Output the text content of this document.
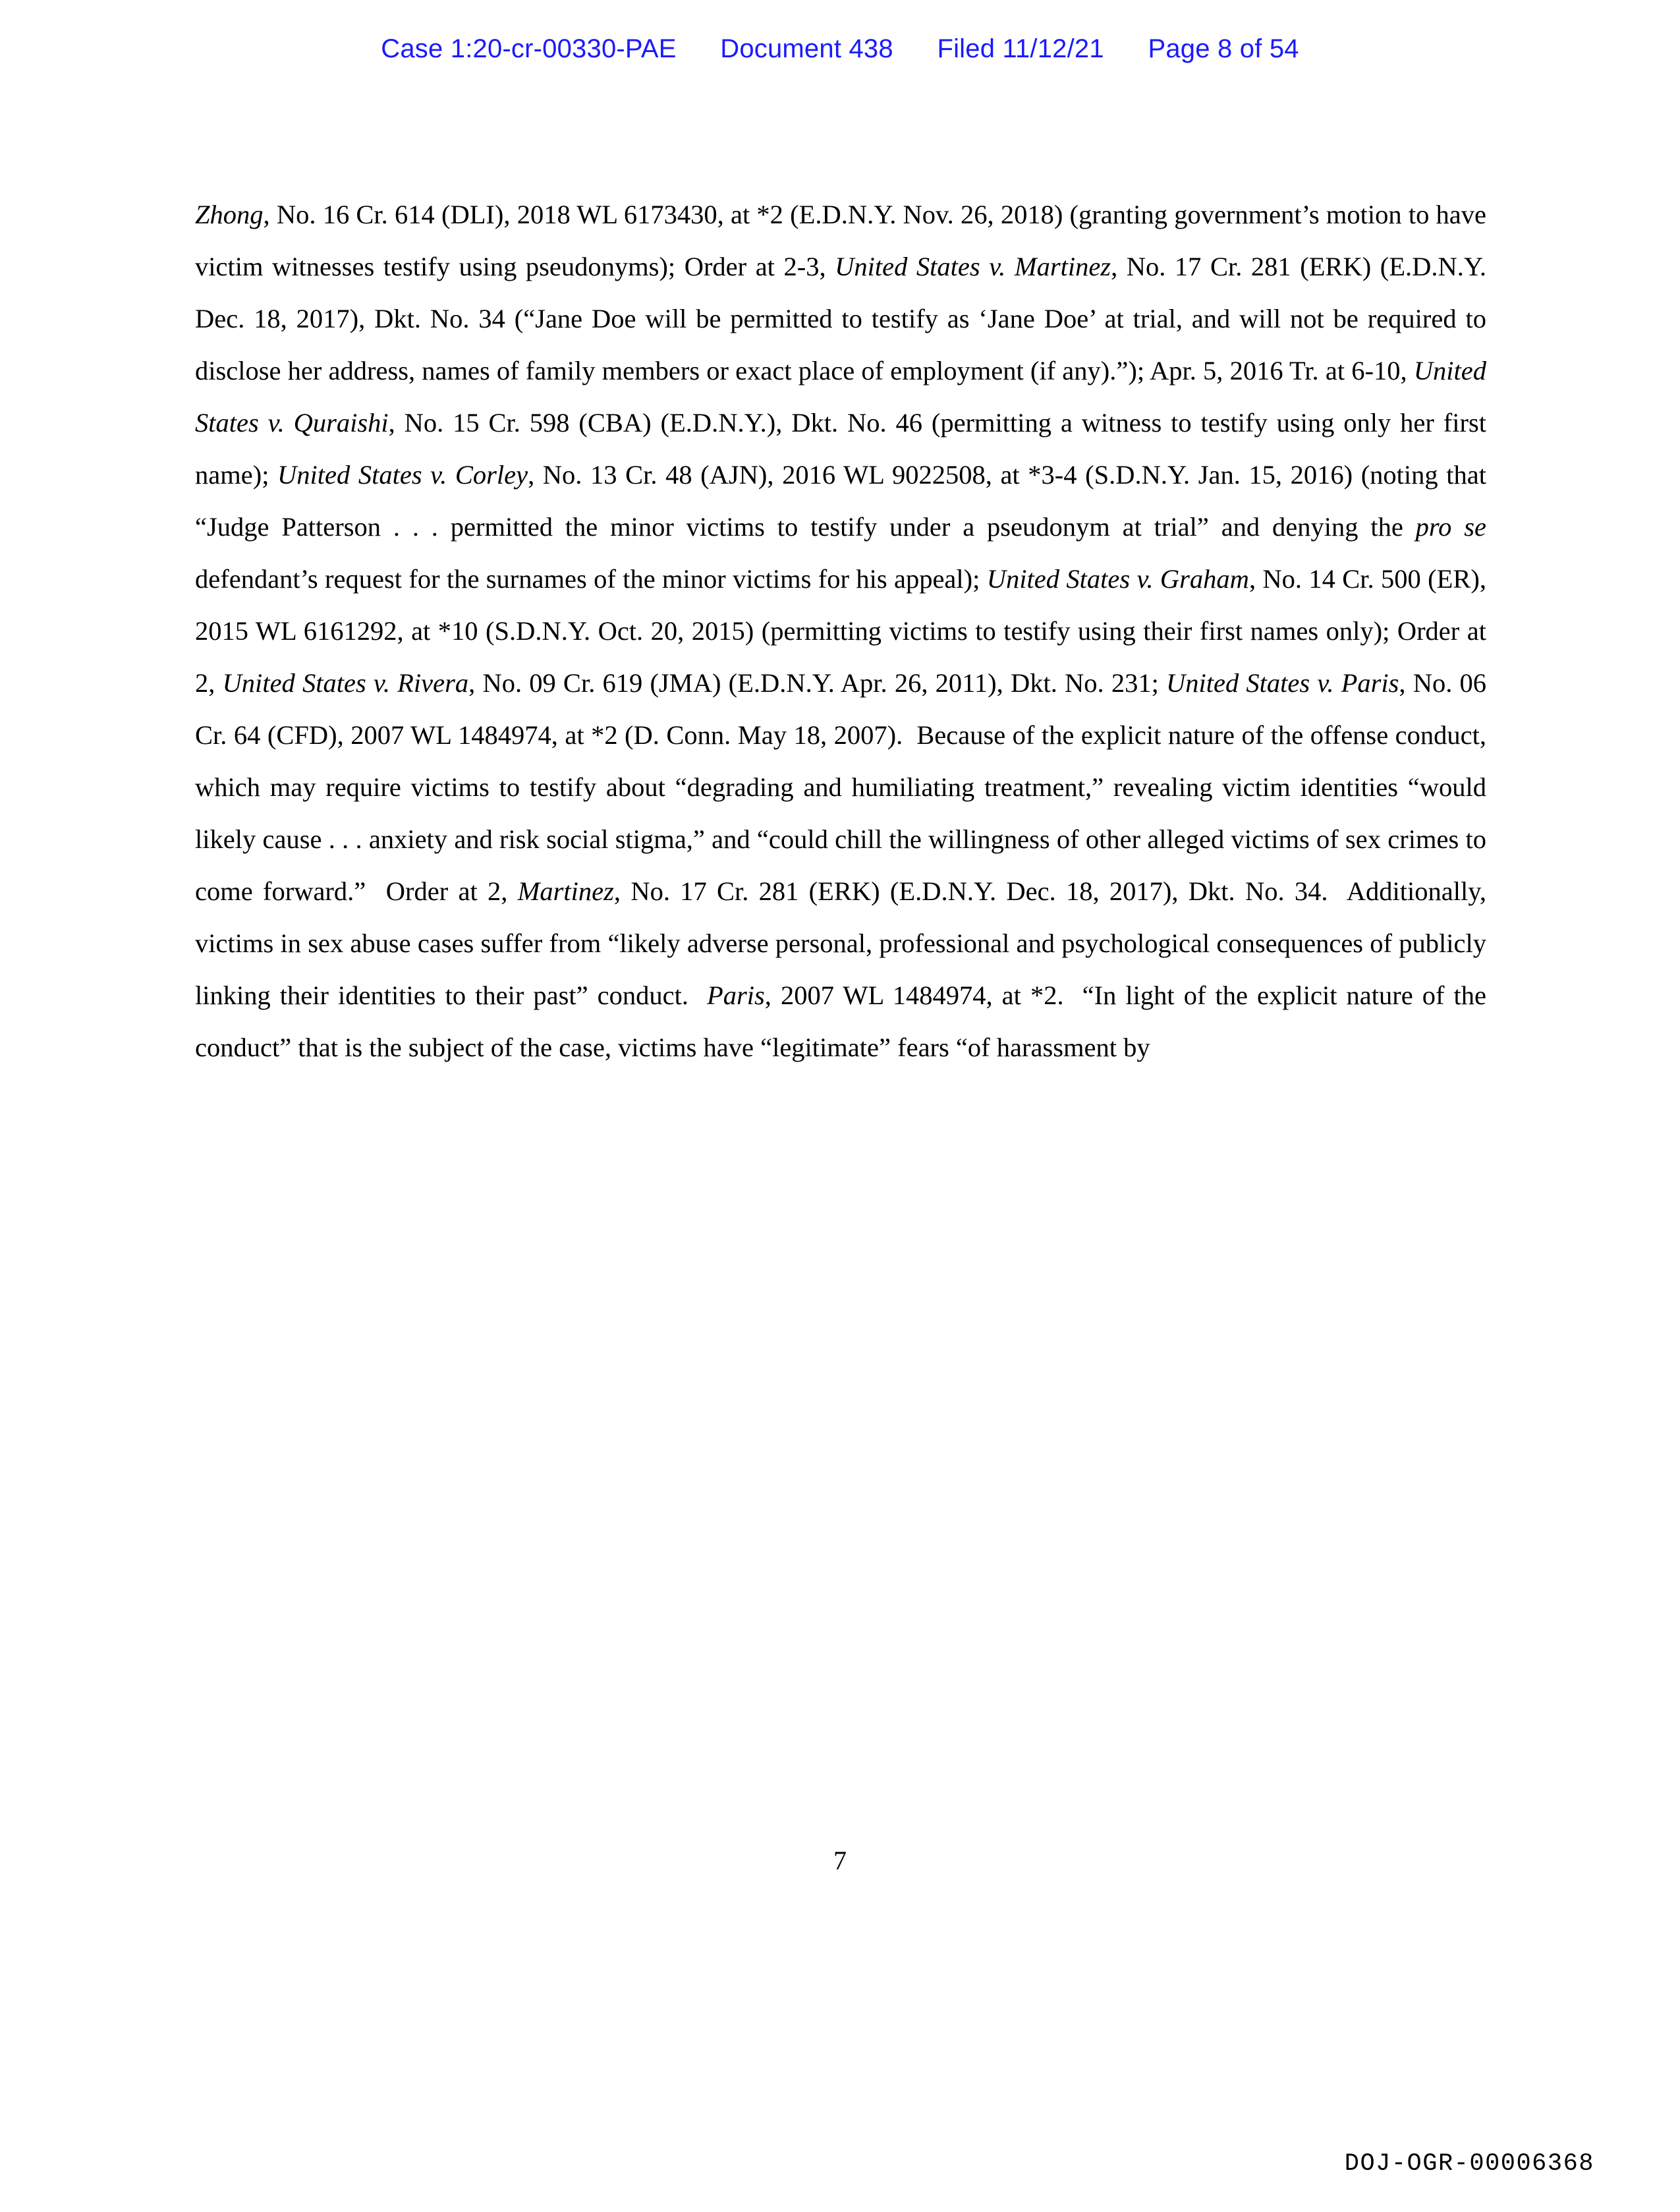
Case 1:20-cr-00330-PAE Document 438 Filed 11/12/21 Page 8 of 54

Zhong, No. 16 Cr. 614 (DLI), 2018 WL 6173430, at *2 (E.D.N.Y. Nov. 26, 2018) (granting government’s motion to have victim witnesses testify using pseudonyms); Order at 2-3, United States v. Martinez, No. 17 Cr. 281 (ERK) (E.D.N.Y. Dec. 18, 2017), Dkt. No. 34 (“Jane Doe will be permitted to testify as ‘Jane Doe’ at trial, and will not be required to disclose her address, names of family members or exact place of employment (if any).”); Apr. 5, 2016 Tr. at 6-10, United States v. Quraishi, No. 15 Cr. 598 (CBA) (E.D.N.Y.), Dkt. No. 46 (permitting a witness to testify using only her first name); United States v. Corley, No. 13 Cr. 48 (AJN), 2016 WL 9022508, at *3-4 (S.D.N.Y. Jan. 15, 2016) (noting that “Judge Patterson . . . permitted the minor victims to testify under a pseudonym at trial” and denying the pro se defendant’s request for the surnames of the minor victims for his appeal); United States v. Graham, No. 14 Cr. 500 (ER), 2015 WL 6161292, at *10 (S.D.N.Y. Oct. 20, 2015) (permitting victims to testify using their first names only); Order at 2, United States v. Rivera, No. 09 Cr. 619 (JMA) (E.D.N.Y. Apr. 26, 2011), Dkt. No. 231; United States v. Paris, No. 06 Cr. 64 (CFD), 2007 WL 1484974, at *2 (D. Conn. May 18, 2007).  Because of the explicit nature of the offense conduct, which may require victims to testify about “degrading and humiliating treatment,” revealing victim identities “would likely cause . . . anxiety and risk social stigma,” and “could chill the willingness of other alleged victims of sex crimes to come forward.”  Order at 2, Martinez, No. 17 Cr. 281 (ERK) (E.D.N.Y. Dec. 18, 2017), Dkt. No. 34.  Additionally, victims in sex abuse cases suffer from “likely adverse personal, professional and psychological consequences of publicly linking their identities to their past” conduct.  Paris, 2007 WL 1484974, at *2.  “In light of the explicit nature of the conduct” that is the subject of the case, victims have “legitimate” fears “of harassment by

7
DOJ-OGR-00006368
